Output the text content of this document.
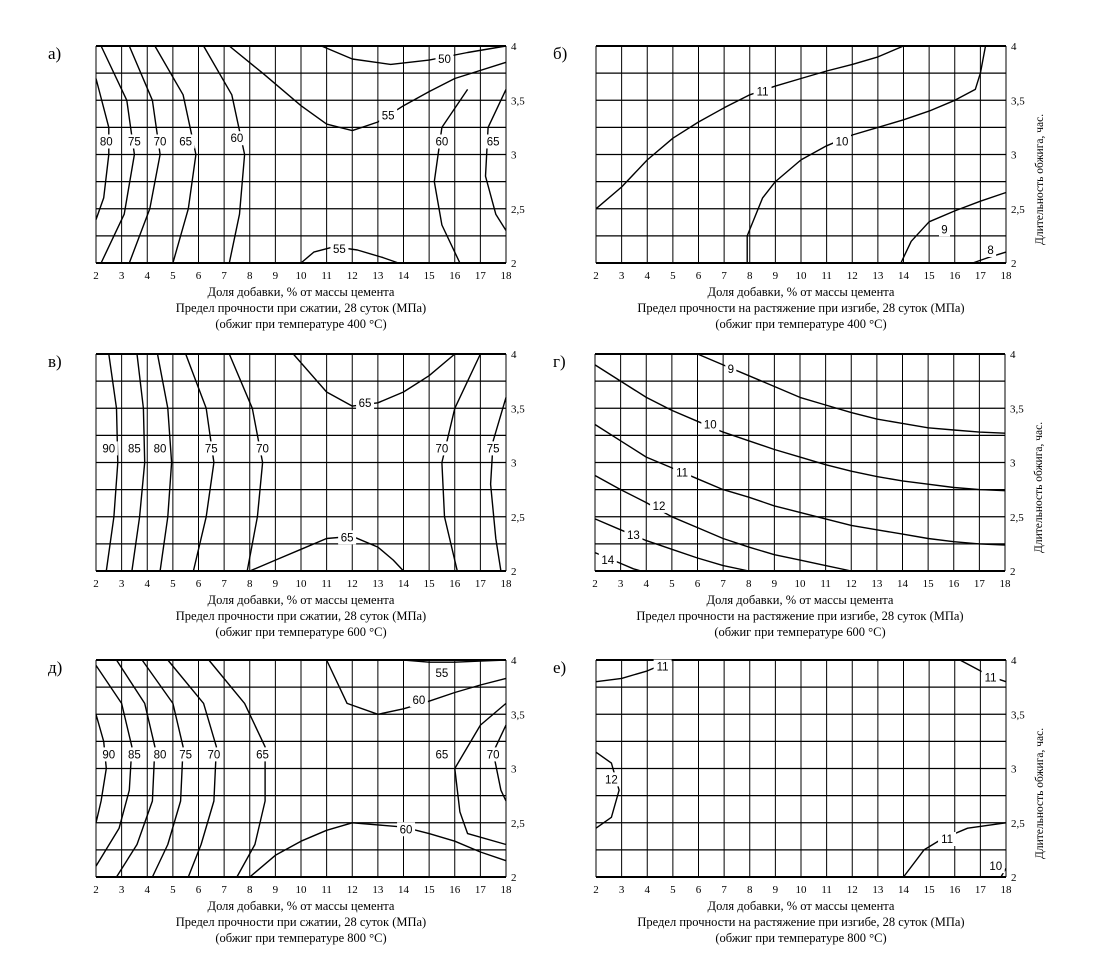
а)
2 3 4 5 6 7 8 9 10 11 12 13 14 15 16 17 18
2
2,5
3
3,5
4
80 75 70 65	60
55
50
60	65
55
Доля добавки, % от массы цемента
Предел прочности при сжатии, 28 суток (МПа)
(обжиг при температуре 400 °С)
б)
2 3 4 5 6 7 8 9 10 11 12 13 14 15 16 17 18
2
2,5
3
3,5
4
11
10
9
8
Доля добавки, % от массы цемента
Предел прочности на растяжение при изгибе, 28 суток (МПа)
(обжиг при температуре 400 °С)
Длительность обжига, час.
в)
2 3 4 5 6 7 8 9 10 11 12 13 14 15 16 17 18
2
2,5
3
3,5
4
90 85 80	75	70
65
70	75
65
Доля добавки, % от массы цемента
Предел прочности при сжатии, 28 суток (МПа)
(обжиг при температуре 600 °С)
г)
2 3 4 5 6 7 8 9 10 11 12 13 14 15 16 17 18
2
2,5
3
3,5
4
9
10
11
12
13
14
Доля добавки, % от массы цемента
Предел прочности на растяжение при изгибе, 28 суток (МПа)
(обжиг при температуре 600 °С)
Длительность обжига, час.
д)
2 3 4 5 6 7 8 9 10 11 12 13 14 15 16 17 18
2
2,5
3
3,5
4
90 85 80 75 70	65
55
60
65	70
60
Доля добавки, % от массы цемента
Предел прочности при сжатии, 28 суток (МПа)
(обжиг при температуре 800 °С)
е)
2 3 4 5 6 7 8 9 10 11 12 13 14 15 16 17 18
2
2,5
3
3,5
4
11
11
12
11
10
Доля добавки, % от массы цемента
Предел прочности на растяжение при изгибе, 28 суток (МПа)
(обжиг при температуре 800 °С)
Длительность обжига, час.
